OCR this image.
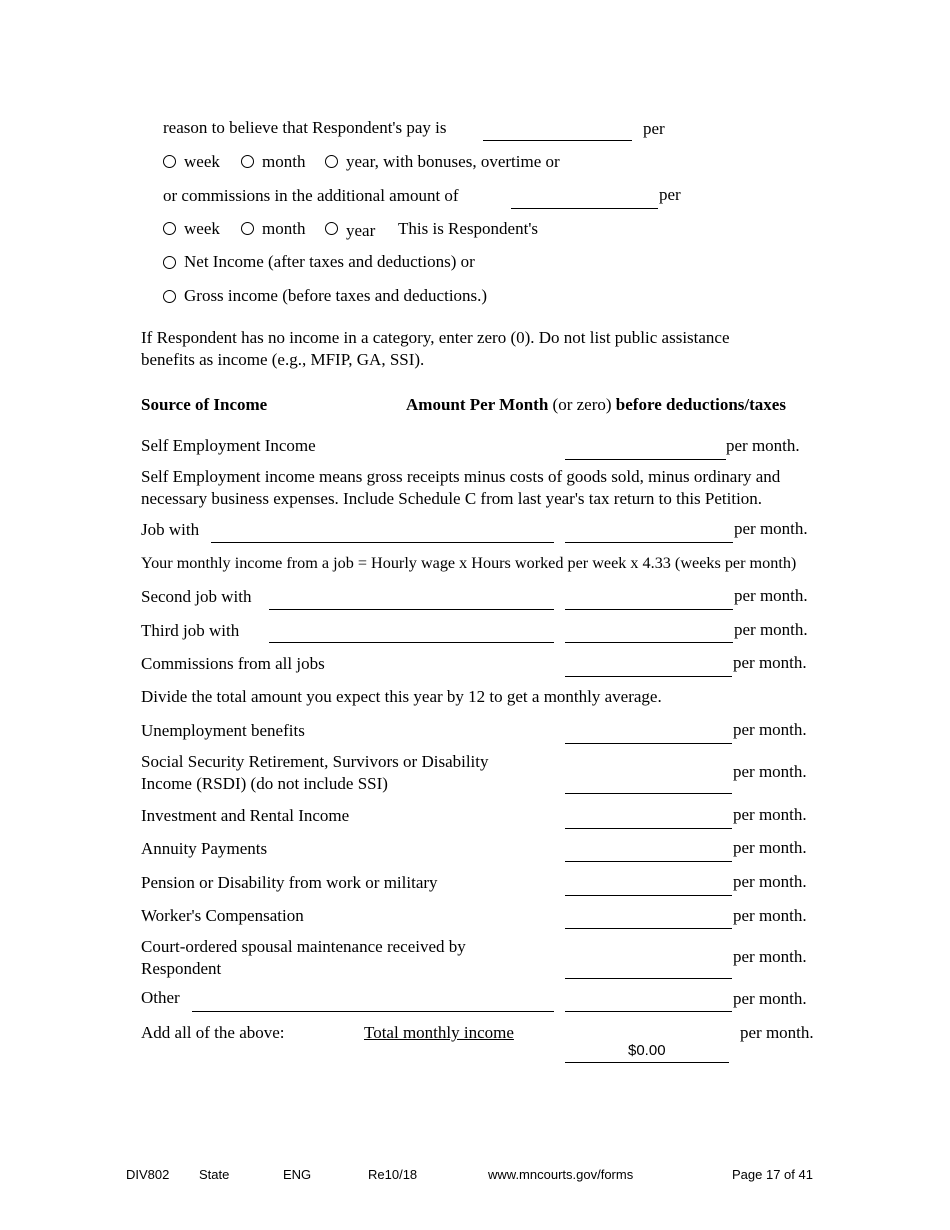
reason to believe that Respondent's pay is	per
week month year, with bonuses, overtime or
or commissions in the additional amount of	per
week month year This is Respondent's
Net Income (after taxes and deductions) or
Gross income (before taxes and deductions.)
If Respondent has no income in a category, enter zero (0). Do not list public assistance
benefits as income (e.g., MFIP, GA, SSI).
Source of Income	Amount Per Month (or zero) before deductions/taxes
Self Employment Income	per month.
Self Employment income means gross receipts minus costs of goods sold, minus ordinary and
necessary business expenses. Include Schedule C from last year's tax return to this Petition.
Job with	per month.
Your monthly income from a job = Hourly wage x Hours worked per week x 4.33 (weeks per month)
Second job with	per month.
Third job with	per month.
Commissions from all jobs	per month.
Divide the total amount you expect this year by 12 to get a monthly average.
Unemployment benefits	per month.
Social Security Retirement, Survivors or Disability
Income (RSDI) (do not include SSI)
per month.
Investment and Rental Income	per month.
Annuity Payments	per month.
Pension or Disability from work or military	per month.
Worker's Compensation	per month.
Court-ordered spousal maintenance received by
Respondent
per month.
Other	per month.
Add all of the above:	Total monthly income
$0.00
per month.
DIV802 State	ENG	Re10/18	www.mncourts.gov/forms	Page 17 of 41
